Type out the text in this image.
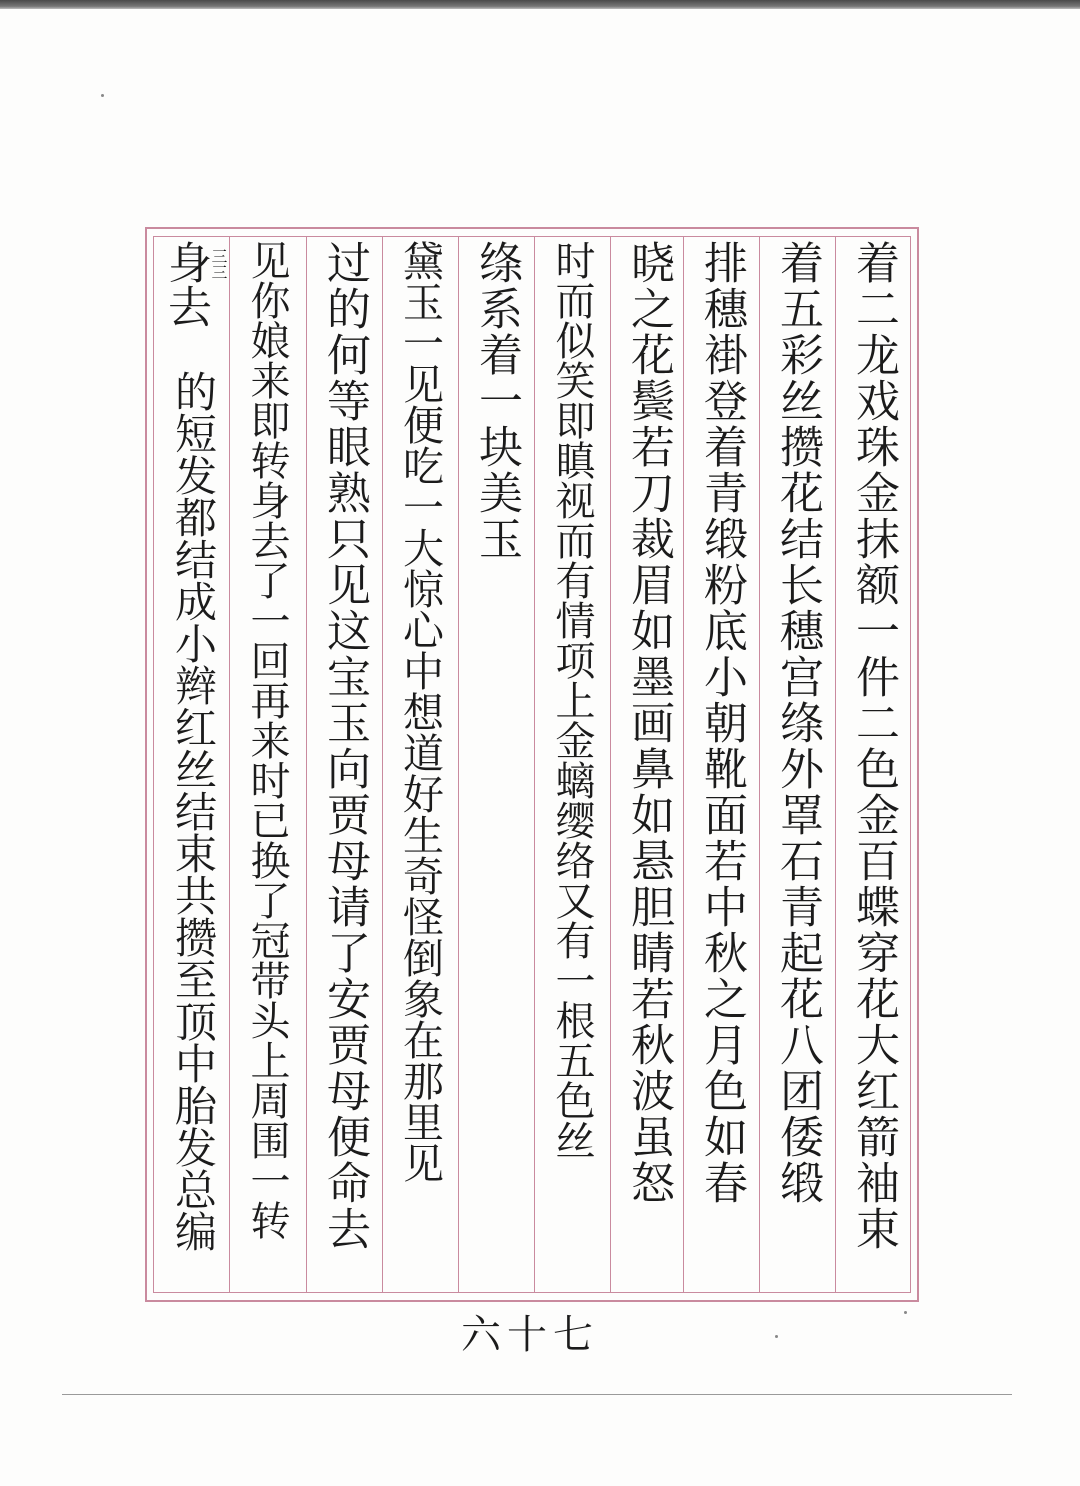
着二龙戏珠金抹额一件二色金百蝶穿花大红箭袖束
着五彩丝攒花结长穗宫绦外罩石青起花八团倭缎
排穗褂登着青缎粉底小朝靴面若中秋之月色如春
晓之花鬓若刀裁眉如墨画鼻如悬胆睛若秋波虽怒
时而似笑即瞋视而有情项上金螭缨络又有一根五色丝
绦系着一块美玉
黛玉一见便吃一大惊心中想道好生奇怪倒象在那里见
过的何等眼熟只见这宝玉向贾母请了安贾母便命去
见你娘来即转身去了一回再来时已换了冠带头上周围一转
身去
三三
的短发都结成小辫红丝结束共攒至顶中胎发总编
六十七
